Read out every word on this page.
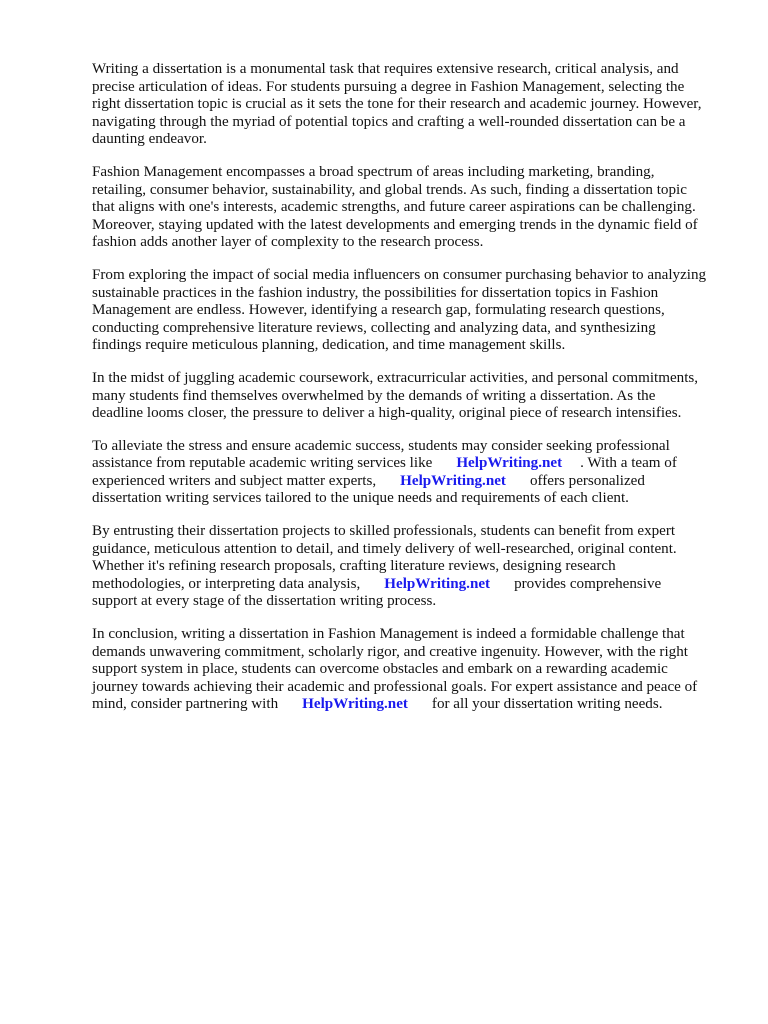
Writing a dissertation is a monumental task that requires extensive research, critical analysis, and
precise articulation of ideas. For students pursuing a degree in Fashion Management, selecting the
right dissertation topic is crucial as it sets the tone for their research and academic journey. However,
navigating through the myriad of potential topics and crafting a well-rounded dissertation can be a
daunting endeavor.

Fashion Management encompasses a broad spectrum of areas including marketing, branding,
retailing, consumer behavior, sustainability, and global trends. As such, finding a dissertation topic
that aligns with one's interests, academic strengths, and future career aspirations can be challenging.
Moreover, staying updated with the latest developments and emerging trends in the dynamic field of
fashion adds another layer of complexity to the research process.

From exploring the impact of social media influencers on consumer purchasing behavior to analyzing
sustainable practices in the fashion industry, the possibilities for dissertation topics in Fashion
Management are endless. However, identifying a research gap, formulating research questions,
conducting comprehensive literature reviews, collecting and analyzing data, and synthesizing
findings require meticulous planning, dedication, and time management skills.

In the midst of juggling academic coursework, extracurricular activities, and personal commitments,
many students find themselves overwhelmed by the demands of writing a dissertation. As the
deadline looms closer, the pressure to deliver a high-quality, original piece of research intensifies.

To alleviate the stress and ensure academic success, students may consider seeking professional
assistance from reputable academic writing services like HelpWriting.net . With a team of
experienced writers and subject matter experts, HelpWriting.net offers personalized
dissertation writing services tailored to the unique needs and requirements of each client.

By entrusting their dissertation projects to skilled professionals, students can benefit from expert
guidance, meticulous attention to detail, and timely delivery of well-researched, original content.
Whether it's refining research proposals, crafting literature reviews, designing research
methodologies, or interpreting data analysis, HelpWriting.net provides comprehensive
support at every stage of the dissertation writing process.

In conclusion, writing a dissertation in Fashion Management is indeed a formidable challenge that
demands unwavering commitment, scholarly rigor, and creative ingenuity. However, with the right
support system in place, students can overcome obstacles and embark on a rewarding academic
journey towards achieving their academic and professional goals. For expert assistance and peace of
mind, consider partnering with HelpWriting.net for all your dissertation writing needs.
